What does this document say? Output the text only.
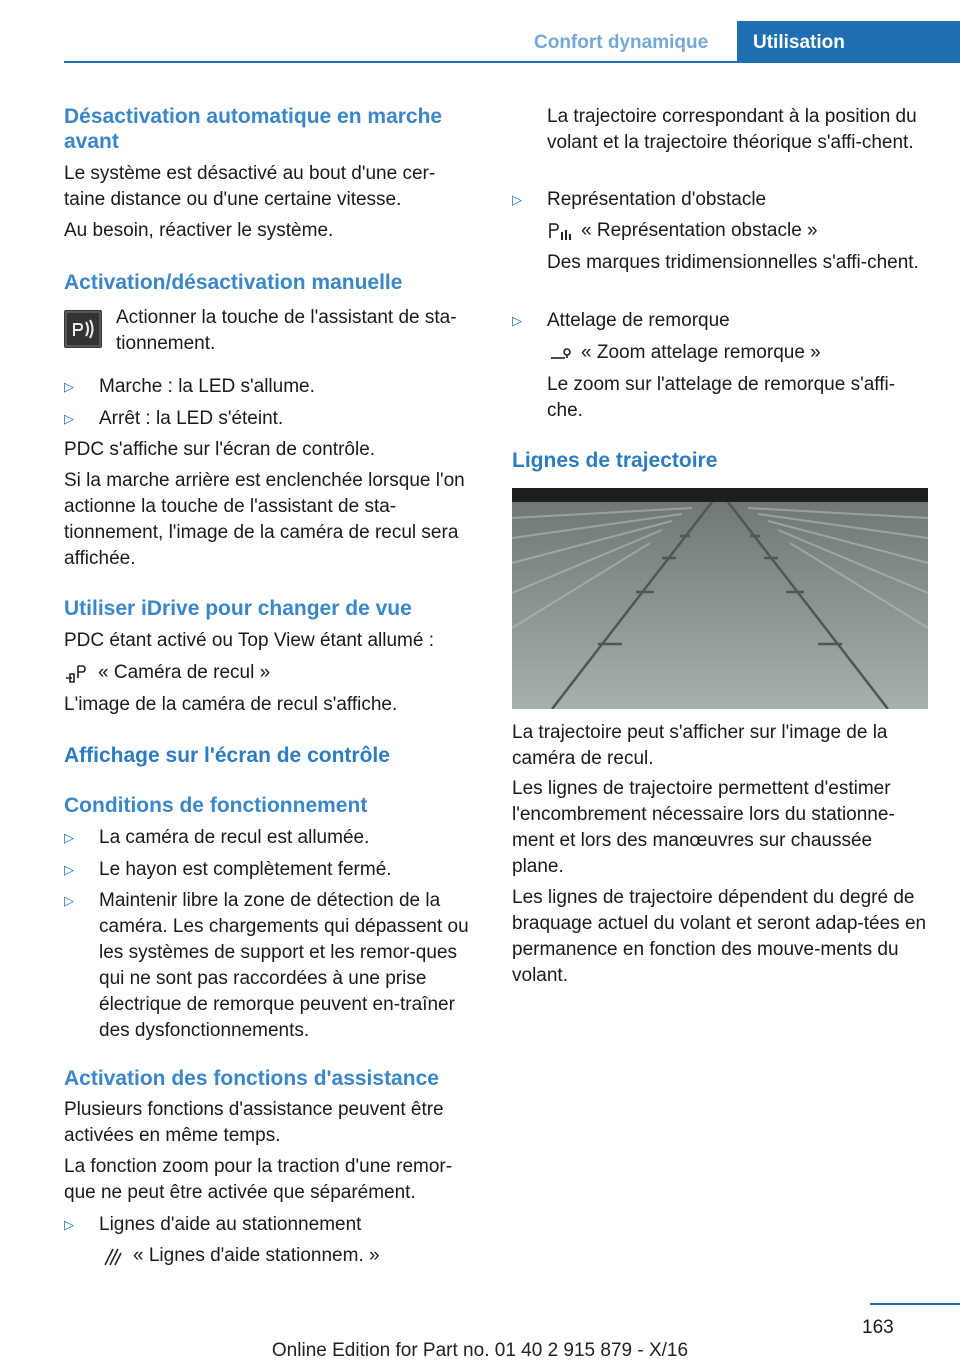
Confort dynamique Utilisation
Désactivation automatique en marche avant

Le système est désactivé au bout d'une cer-taine distance ou d'une certaine vitesse.

Au besoin, réactiver le système.

Activation/désactivation manuelle

Actionner la touche de l'assistant de sta-tionnement.

▷ Marche : la LED s'allume.
▷ Arrêt : la LED s'éteint.

PDC s'affiche sur l'écran de contrôle.

Si la marche arrière est enclenchée lorsque l'on actionne la touche de l'assistant de sta-tionnement, l'image de la caméra de recul sera affichée.

Utiliser iDrive pour changer de vue

PDC étant activé ou Top View étant allumé :

« Caméra de recul »

L'image de la caméra de recul s'affiche.

Affichage sur l'écran de contrôle
Conditions de fonctionnement
▷ La caméra de recul est allumée.
▷ Le hayon est complètement fermé.
▷ Maintenir libre la zone de détection de la caméra. Les chargements qui dépassent ou les systèmes de support et les remor-ques qui ne sont pas raccordées à une prise électrique de remorque peuvent en-traîner des dysfonctionnements.
Activation des fonctions d'assistance

Plusieurs fonctions d'assistance peuvent être activées en même temps.

La fonction zoom pour la traction d'une remor-que ne peut être activée que séparément.

▷ Lignes d'aide au stationnement
« Lignes d'aide stationnem. »

La trajectoire correspondant à la position du volant et la trajectoire théorique s'affi-chent.

▷ Représentation d'obstacle
« Représentation obstacle »

Des marques tridimensionnelles s'affi-chent.

▷ Attelage de remorque
« Zoom attelage remorque »

Le zoom sur l'attelage de remorque s'affi-che.

Lignes de trajectoire

La trajectoire peut s'afficher sur l'image de la caméra de recul.

Les lignes de trajectoire permettent d'estimer l'encombrement nécessaire lors du stationne-ment et lors des manœuvres sur chaussée plane.

Les lignes de trajectoire dépendent du degré de braquage actuel du volant et seront adap-tées en permanence en fonction des mouve-ments du volant.

163
Online Edition for Part no. 01 40 2 915 879 - X/16
